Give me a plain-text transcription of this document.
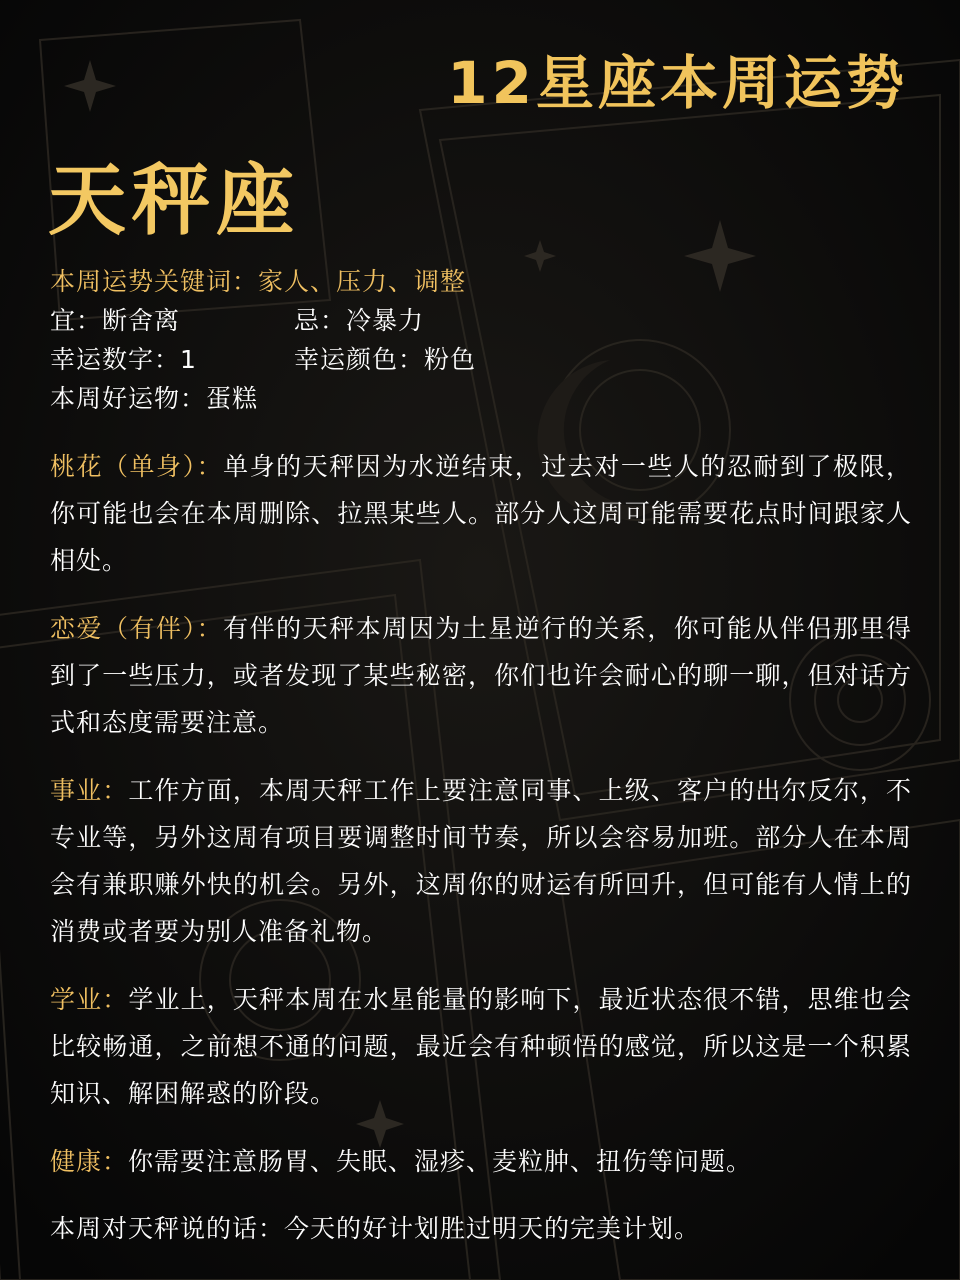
12星座本周运势
天秤座
本周运势关键词：家人、压力、调整
宜：断舍离	忌：冷暴力
幸运数字：1	幸运颜色：粉色
本周好运物：蛋糕
桃花（单身）：单身的天秤因为水逆结束，过去对一些人的忍耐到了极限，你可能也会在本周删除、拉黑某些人。部分人这周可能需要花点时间跟家人相处。
恋爱（有伴）：有伴的天秤本周因为土星逆行的关系，你可能从伴侣那里得到了一些压力，或者发现了某些秘密，你们也许会耐心的聊一聊，但对话方式和态度需要注意。
事业：工作方面，本周天秤工作上要注意同事、上级、客户的出尔反尔，不专业等，另外这周有项目要调整时间节奏，所以会容易加班。部分人在本周会有兼职赚外快的机会。另外，这周你的财运有所回升，但可能有人情上的消费或者要为别人准备礼物。
学业：学业上，天秤本周在水星能量的影响下，最近状态很不错，思维也会比较畅通，之前想不通的问题，最近会有种顿悟的感觉，所以这是一个积累知识、解困解惑的阶段。
健康：你需要注意肠胃、失眠、湿疹、麦粒肿、扭伤等问题。
本周对天秤说的话：今天的好计划胜过明天的完美计划。
